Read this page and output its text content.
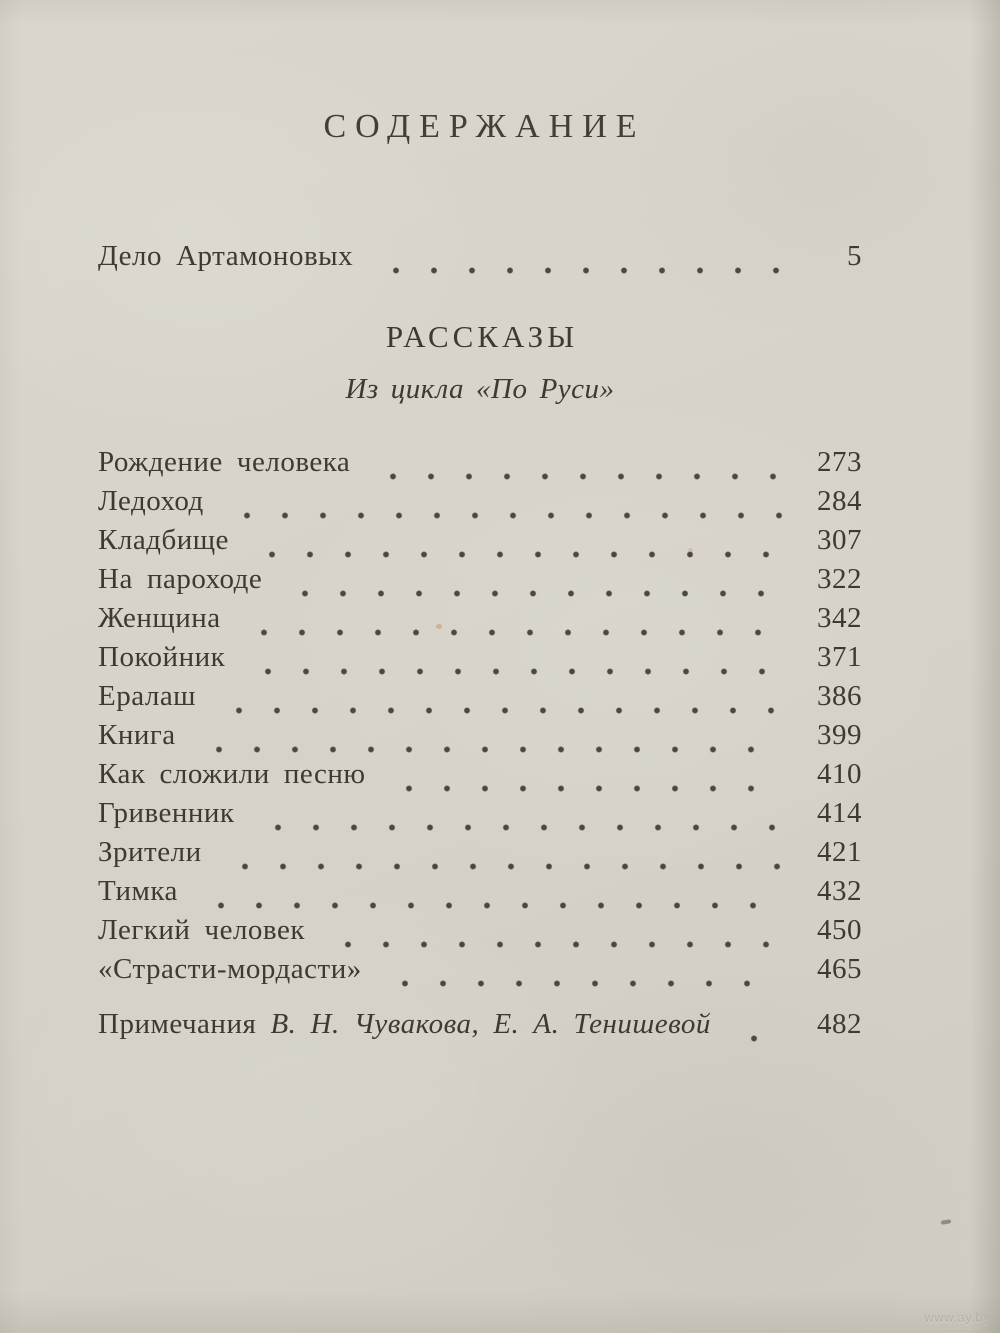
СОДЕРЖАНИЕ
Дело Артамоновых	5
РАССКАЗЫ
Из цикла «По Руси»
Рождение человека	273
Ледоход	284
Кладбище	307
На пароходе	322
Женщина	342
Покойник	371
Ералаш	386
Книга	399
Как сложили песню	410
Гривенник	414
Зрители	421
Тимка	432
Легкий человек	450
«Страсти-мордасти»	465
Примечания В. Н. Чувакова, Е. А. Тенишевой	482
www.ay.by
